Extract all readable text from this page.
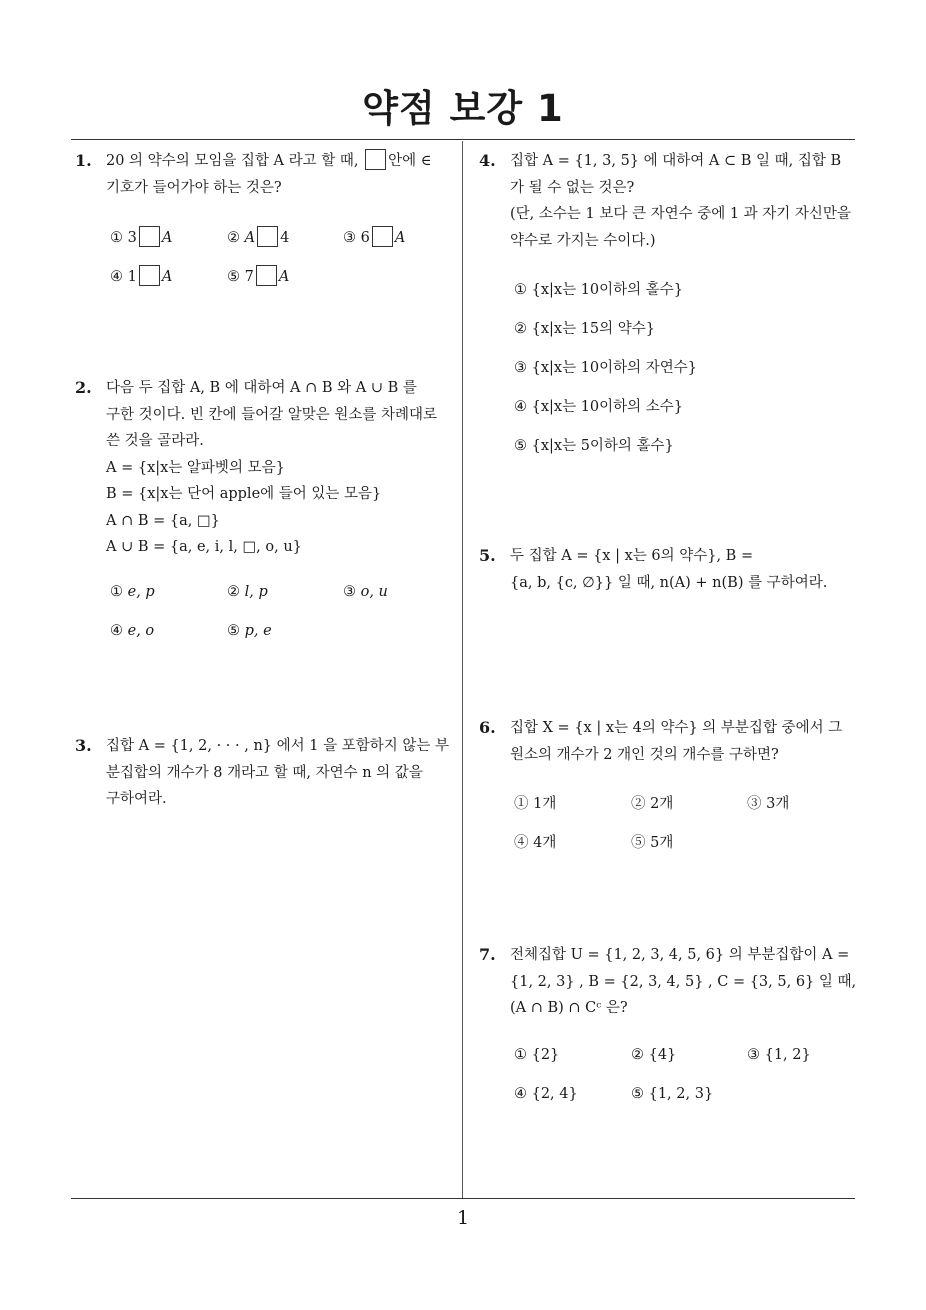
약점 보강 1
1
1. 20 의 약수의 모임을 집합 A 라고 할 때, 안에 ∈
기호가 들어가야 하는 것은?
① 3 A	② A 4	③ 6 A
④ 1 A	⑤ 7 A
2. 다음 두 집합 A, B 에 대하여 A ∩ B 와 A ∪ B 를
구한 것이다. 빈 칸에 들어갈 알맞은 원소를 차례대로
쓴 것을 골라라.
A = {x|x는 알파벳의 모음}
B = {x|x는 단어 apple에 들어 있는 모음}
A ∩ B = {a, □}
A ∪ B = {a, e, i, l, □, o, u}
① e, p	② l, p	③ o, u
④ e, o	⑤ p, e
3. 집합 A = {1, 2, · · · , n} 에서 1 을 포함하지 않는 부
분집합의 개수가 8 개라고 할 때, 자연수 n 의 값을
구하여라.
4. 집합 A = {1, 3, 5} 에 대하여 A ⊂ B 일 때, 집합 B
가 될 수 없는 것은?
(단, 소수는 1 보다 큰 자연수 중에 1 과 자기 자신만을
약수로 가지는 수이다.)
① {x|x는 10이하의 홀수}
② {x|x는 15의 약수}
③ {x|x는 10이하의 자연수}
④ {x|x는 10이하의 소수}
⑤ {x|x는 5이하의 홀수}
5. 두 집합 A = {x | x는 6의 약수}, B =
{a, b, {c, ∅}} 일 때, n(A) + n(B) 를 구하여라.
6. 집합 X = {x | x는 4의 약수} 의 부분집합 중에서 그
원소의 개수가 2 개인 것의 개수를 구하면?
① 1개	② 2개	③ 3개
④ 4개	⑤ 5개
7. 전체집합 U = {1, 2, 3, 4, 5, 6} 의 부분집합이 A =
{1, 2, 3} , B = {2, 3, 4, 5} , C = {3, 5, 6} 일 때,
(A ∩ B) ∩ Cᶜ 은?
① {2}	② {4}	③ {1, 2}
④ {2, 4}	⑤ {1, 2, 3}
